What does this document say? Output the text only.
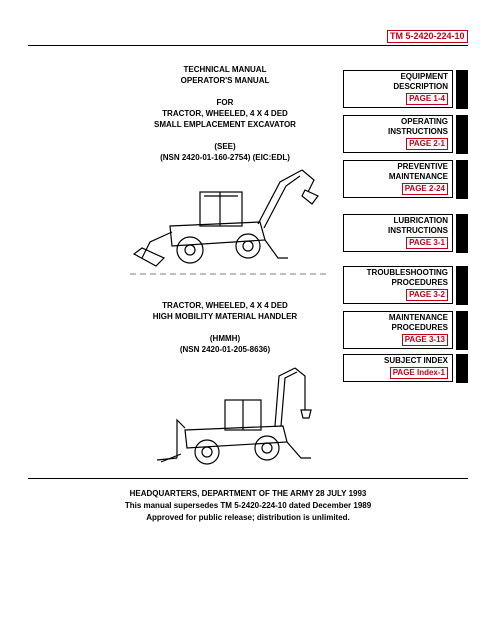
TM 5-2420-224-10
TECHNICAL MANUAL
OPERATOR'S MANUAL
FOR
TRACTOR, WHEELED, 4 X 4 DED
SMALL EMPLACEMENT EXCAVATOR
(SEE)
(NSN 2420-01-160-2754) (EIC:EDL)
TRACTOR, WHEELED, 4 X 4 DED
HIGH MOBILITY MATERIAL HANDLER
(HMMH)
(NSN 2420-01-205-8636)
EQUIPMENT
DESCRIPTION
PAGE 1-4
OPERATING
INSTRUCTIONS
PAGE 2-1
PREVENTIVE
MAINTENANCE
PAGE 2-24
LUBRICATION
INSTRUCTIONS
PAGE 3-1
TROUBLESHOOTING
PROCEDURES
PAGE 3-2
MAINTENANCE
PROCEDURES
PAGE 3-13
SUBJECT INDEX
PAGE Index-1
HEADQUARTERS, DEPARTMENT OF THE ARMY 28 JULY 1993
This manual supersedes TM 5-2420-224-10 dated December 1989
Approved for public release; distribution is unlimited.
